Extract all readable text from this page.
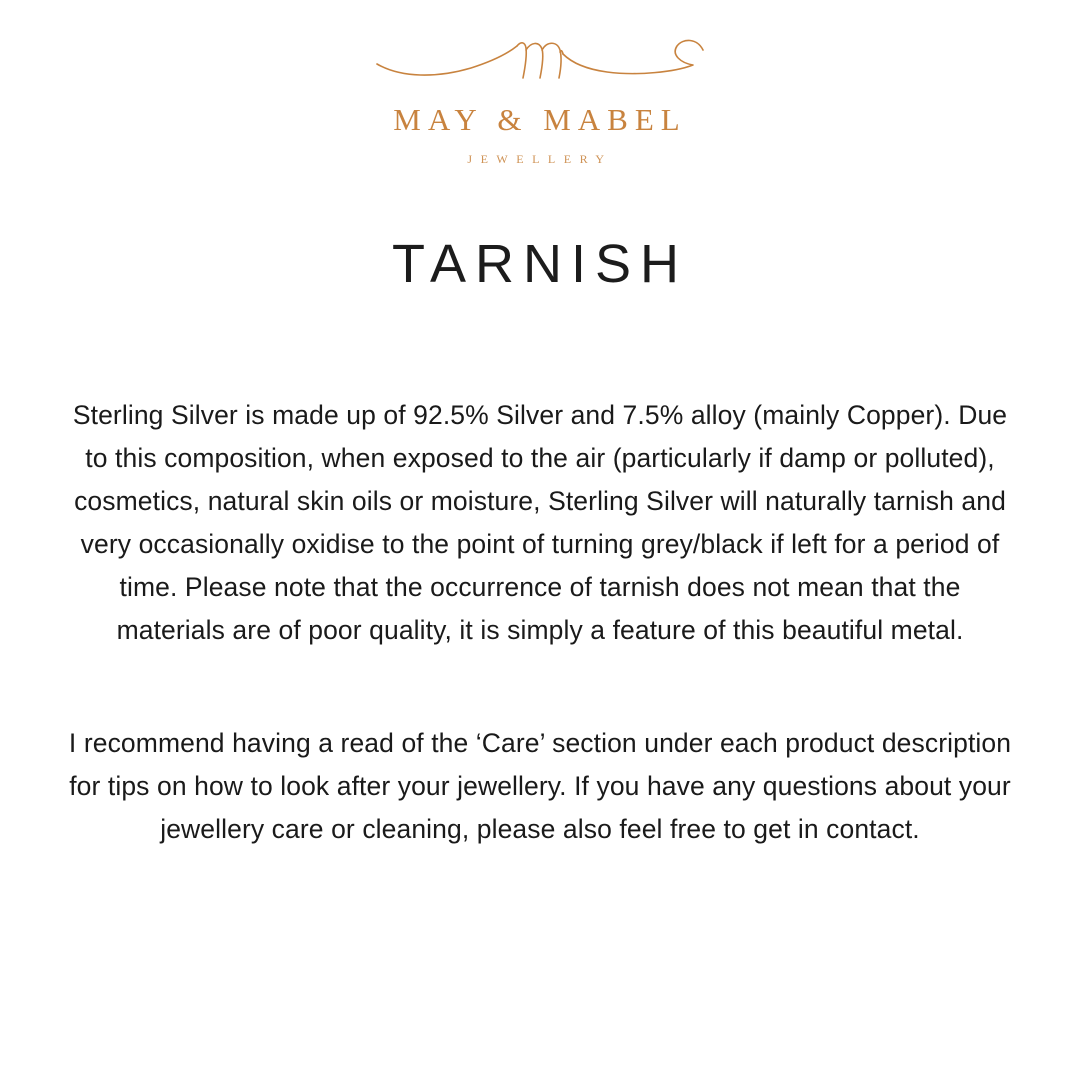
MAY & MABEL
JEWELLERY
TARNISH

Sterling Silver is made up of 92.5% Silver and 7.5% alloy (mainly Copper). Due to this composition, when exposed to the air (particularly if damp or polluted), cosmetics, natural skin oils or moisture, Sterling Silver will naturally tarnish and very occasionally oxidise to the point of turning grey/black if left for a period of time. Please note that the occurrence of tarnish does not mean that the materials are of poor quality, it is simply a feature of this beautiful metal.

I recommend having a read of the ‘Care’ section under each product description for tips on how to look after your jewellery. If you have any questions about your jewellery care or cleaning, please also feel free to get in contact.
